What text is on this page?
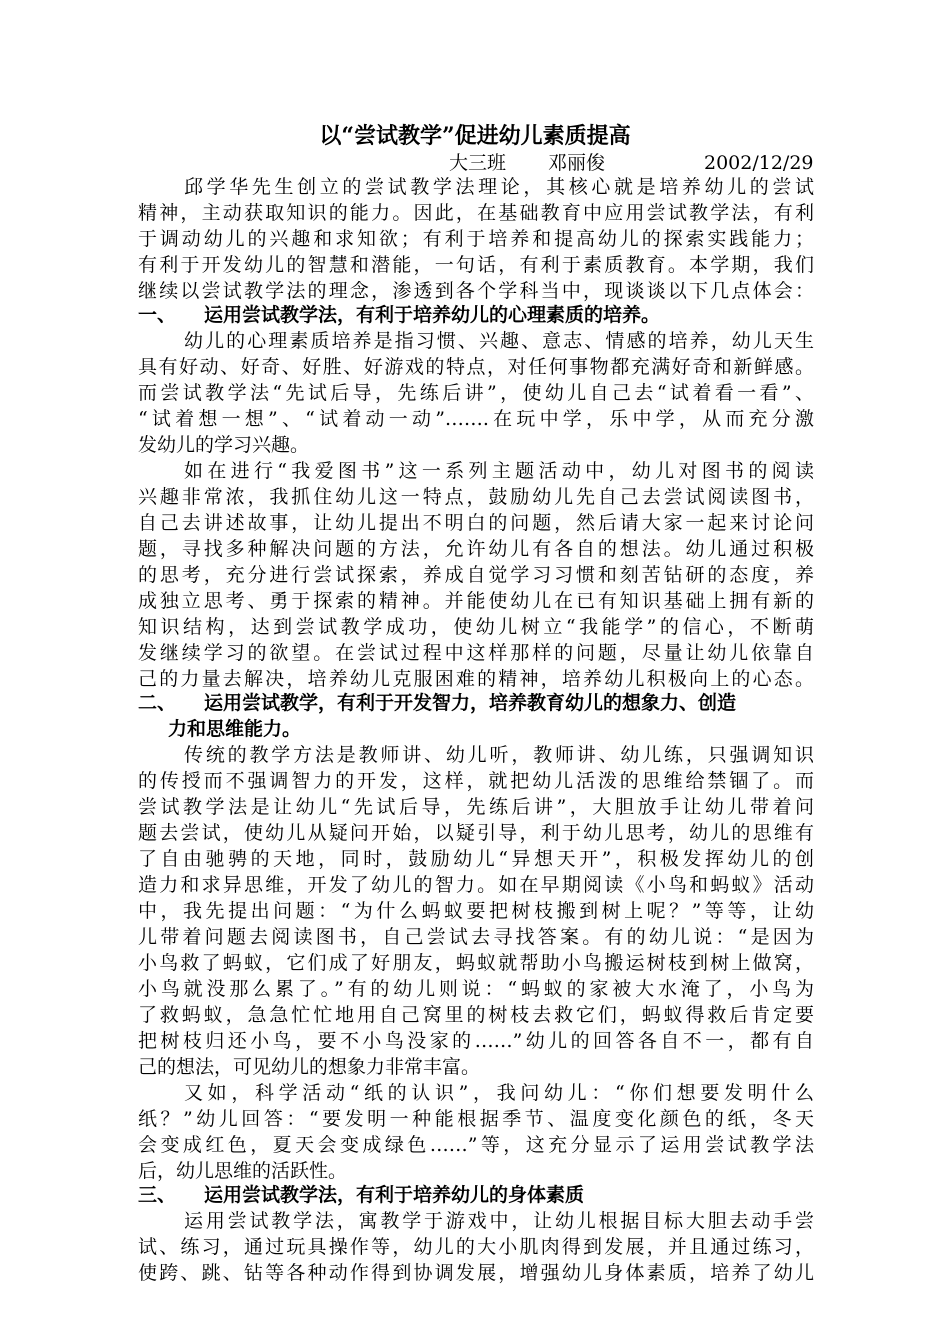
以“尝试教学”促进幼儿素质提高
大三班 邓丽俊	2002/12/29
邱学华先生创立的尝试教学法理论，其核心就是培养幼儿的尝试
精神，主动获取知识的能力。因此，在基础教育中应用尝试教学法，有利
于调动幼儿的兴趣和求知欲；有利于培养和提高幼儿的探索实践能力；
有利于开发幼儿的智慧和潜能，一句话，有利于素质教育。本学期，我们
继续以尝试教学法的理念，渗透到各个学科当中，现谈谈以下几点体会：
一、 运用尝试教学法，有利于培养幼儿的心理素质的培养。
幼儿的心理素质培养是指习惯、兴趣、意志、情感的培养，幼儿天生
具有好动、好奇、好胜、好游戏的特点，对任何事物都充满好奇和新鲜感。
而尝试教学法“先试后导，先练后讲”，使幼儿自己去“试着看一看”、
“试着想一想”、“试着动一动”…….在玩中学，乐中学，从而充分激
发幼儿的学习兴趣。
如在进行“我爱图书”这一系列主题活动中，幼儿对图书的阅读
兴趣非常浓，我抓住幼儿这一特点，鼓励幼儿先自己去尝试阅读图书，
自己去讲述故事，让幼儿提出不明白的问题，然后请大家一起来讨论问
题，寻找多种解决问题的方法，允许幼儿有各自的想法。幼儿通过积极
的思考，充分进行尝试探索，养成自觉学习习惯和刻苦钻研的态度，养
成独立思考、勇于探索的精神。并能使幼儿在已有知识基础上拥有新的
知识结构，达到尝试教学成功，使幼儿树立“我能学”的信心，不断萌
发继续学习的欲望。在尝试过程中这样那样的问题，尽量让幼儿依靠自
己的力量去解决，培养幼儿克服困难的精神，培养幼儿积极向上的心态。
二、 运用尝试教学，有利于开发智力，培养教育幼儿的想象力、创造
力和思维能力。
传统的教学方法是教师讲、幼儿听，教师讲、幼儿练，只强调知识
的传授而不强调智力的开发，这样，就把幼儿活泼的思维给禁锢了。而
尝试教学法是让幼儿“先试后导，先练后讲”，大胆放手让幼儿带着问
题去尝试，使幼儿从疑问开始，以疑引导，利于幼儿思考，幼儿的思维有
了自由驰骋的天地，同时，鼓励幼儿“异想天开”，积极发挥幼儿的创
造力和求异思维，开发了幼儿的智力。如在早期阅读《小鸟和蚂蚁》活动
中，我先提出问题：“为什么蚂蚁要把树枝搬到树上呢？”等等，让幼
儿带着问题去阅读图书，自己尝试去寻找答案。有的幼儿说：“是因为
小鸟救了蚂蚁，它们成了好朋友，蚂蚁就帮助小鸟搬运树枝到树上做窝，
小鸟就没那么累了。”有的幼儿则说：“蚂蚁的家被大水淹了，小鸟为
了救蚂蚁，急急忙忙地用自己窝里的树枝去救它们，蚂蚁得救后肯定要
把树枝归还小鸟，要不小鸟没家的……”幼儿的回答各自不一，都有自
己的想法，可见幼儿的想象力非常丰富。
又如，科学活动“纸的认识”，我问幼儿：“你们想要发明什么
纸？”幼儿回答：“要发明一种能根据季节、温度变化颜色的纸，冬天
会变成红色，夏天会变成绿色……”等，这充分显示了运用尝试教学法
后，幼儿思维的活跃性。
三、 运用尝试教学法，有利于培养幼儿的身体素质
运用尝试教学法，寓教学于游戏中，让幼儿根据目标大胆去动手尝
试、练习，通过玩具操作等，幼儿的大小肌肉得到发展，并且通过练习，
使跨、跳、钻等各种动作得到协调发展，增强幼儿身体素质，培养了幼儿
